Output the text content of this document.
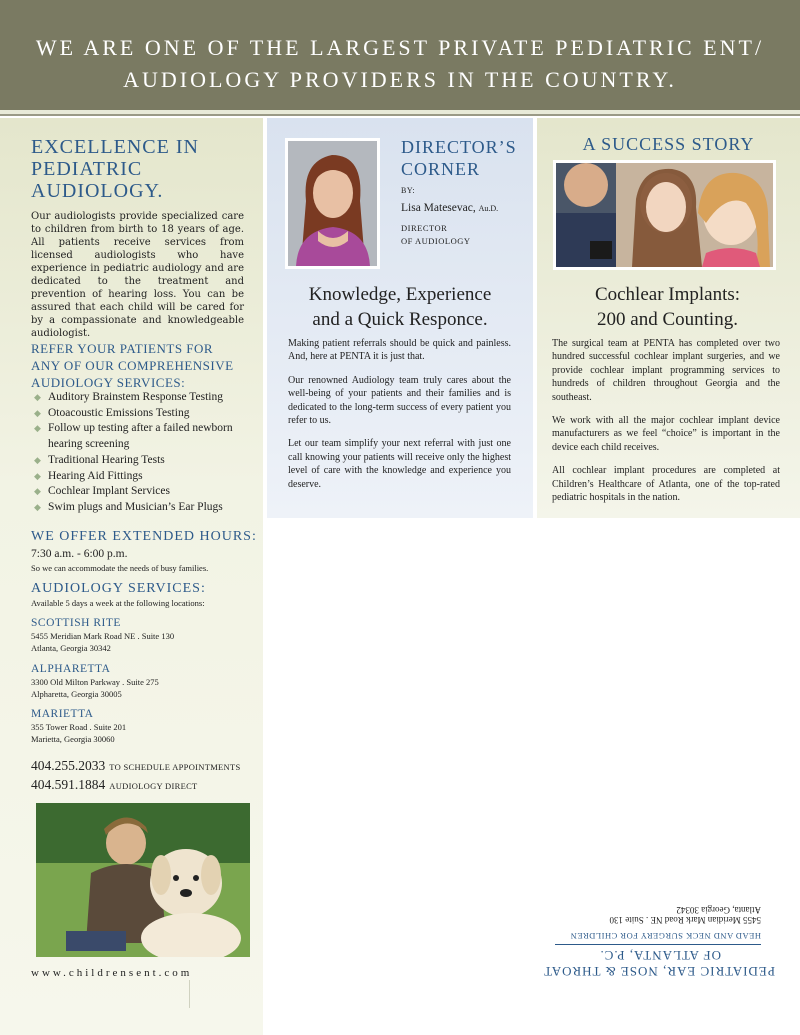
WE ARE ONE OF THE LARGEST PRIVATE PEDIATRIC ENT/
AUDIOLOGY PROVIDERS IN THE COUNTRY.
EXCELLENCE IN
PEDIATRIC
AUDIOLOGY.

Our audiologists provide specialized care to children from birth to 18 years of age. All patients receive services from licensed audiologists who have experience in pediatric audiology and are dedicated to the treatment and prevention of hearing loss. You can be assured that each child will be cared for by a compassionate and knowledgeable audiologist.

REFER YOUR PATIENTS FOR
ANY OF OUR COMPREHENSIVE
AUDIOLOGY SERVICES:
◆ Auditory Brainstem Response Testing
◆ Otoacoustic Emissions Testing
◆ Follow up testing after a failed newborn hearing screening
◆ Traditional Hearing Tests
◆ Hearing Aid Fittings
◆ Cochlear Implant Services
◆ Swim plugs and Musician’s Ear Plugs
WE OFFER EXTENDED HOURS:
7:30 a.m. - 6:00 p.m.
So we can accommodate the needs of busy families.
AUDIOLOGY SERVICES:
Available 5 days a week at the following locations:
SCOTTISH RITE
5455 Meridian Mark Road NE . Suite 130
Atlanta, Georgia 30342
ALPHARETTA
3300 Old Milton Parkway . Suite 275
Alpharetta, Georgia 30005
MARIETTA
355 Tower Road . Suite 201
Marietta, Georgia 30060
404.255.2033 TO SCHEDULE APPOINTMENTS
404.591.1884 AUDIOLOGY DIRECT
www.childrensent.com
DIRECTOR’S
CORNER
BY:
Lisa Matesevac, Au.D.
DIRECTOR
OF AUDIOLOGY
Knowledge, Experience
and a Quick Responce.

Making patient referrals should be quick and painless. And, here at PENTA it is just that.

Our renowned Audiology team truly cares about the well-being of your patients and their families and is dedicated to the long-term success of every patient you refer to us.

Let our team simplify your next referral with just one call knowing your patients will receive only the highest level of care with the knowledge and experience you deserve.

A SUCCESS STORY
Cochlear Implants:
200 and Counting.

The surgical team at PENTA has completed over two hundred successful cochlear implant surgeries, and we provide cochlear implant programming services to hundreds of children throughout Georgia and the southeast.

We work with all the major cochlear implant device manufacturers as we feel “choice” is important in the device each child receives.

All cochlear implant procedures are completed at Children’s Healthcare of Atlanta, one of the top-rated pediatric hospitals in the nation.

PEDIATRIC EAR, NOSE & THROAT
OF ATLANTA, P.C.
HEAD AND NECK SURGERY FOR CHILDREN
5455 Meridian Mark Road NE . Suite 130
Atlanta, Georgia 30342
